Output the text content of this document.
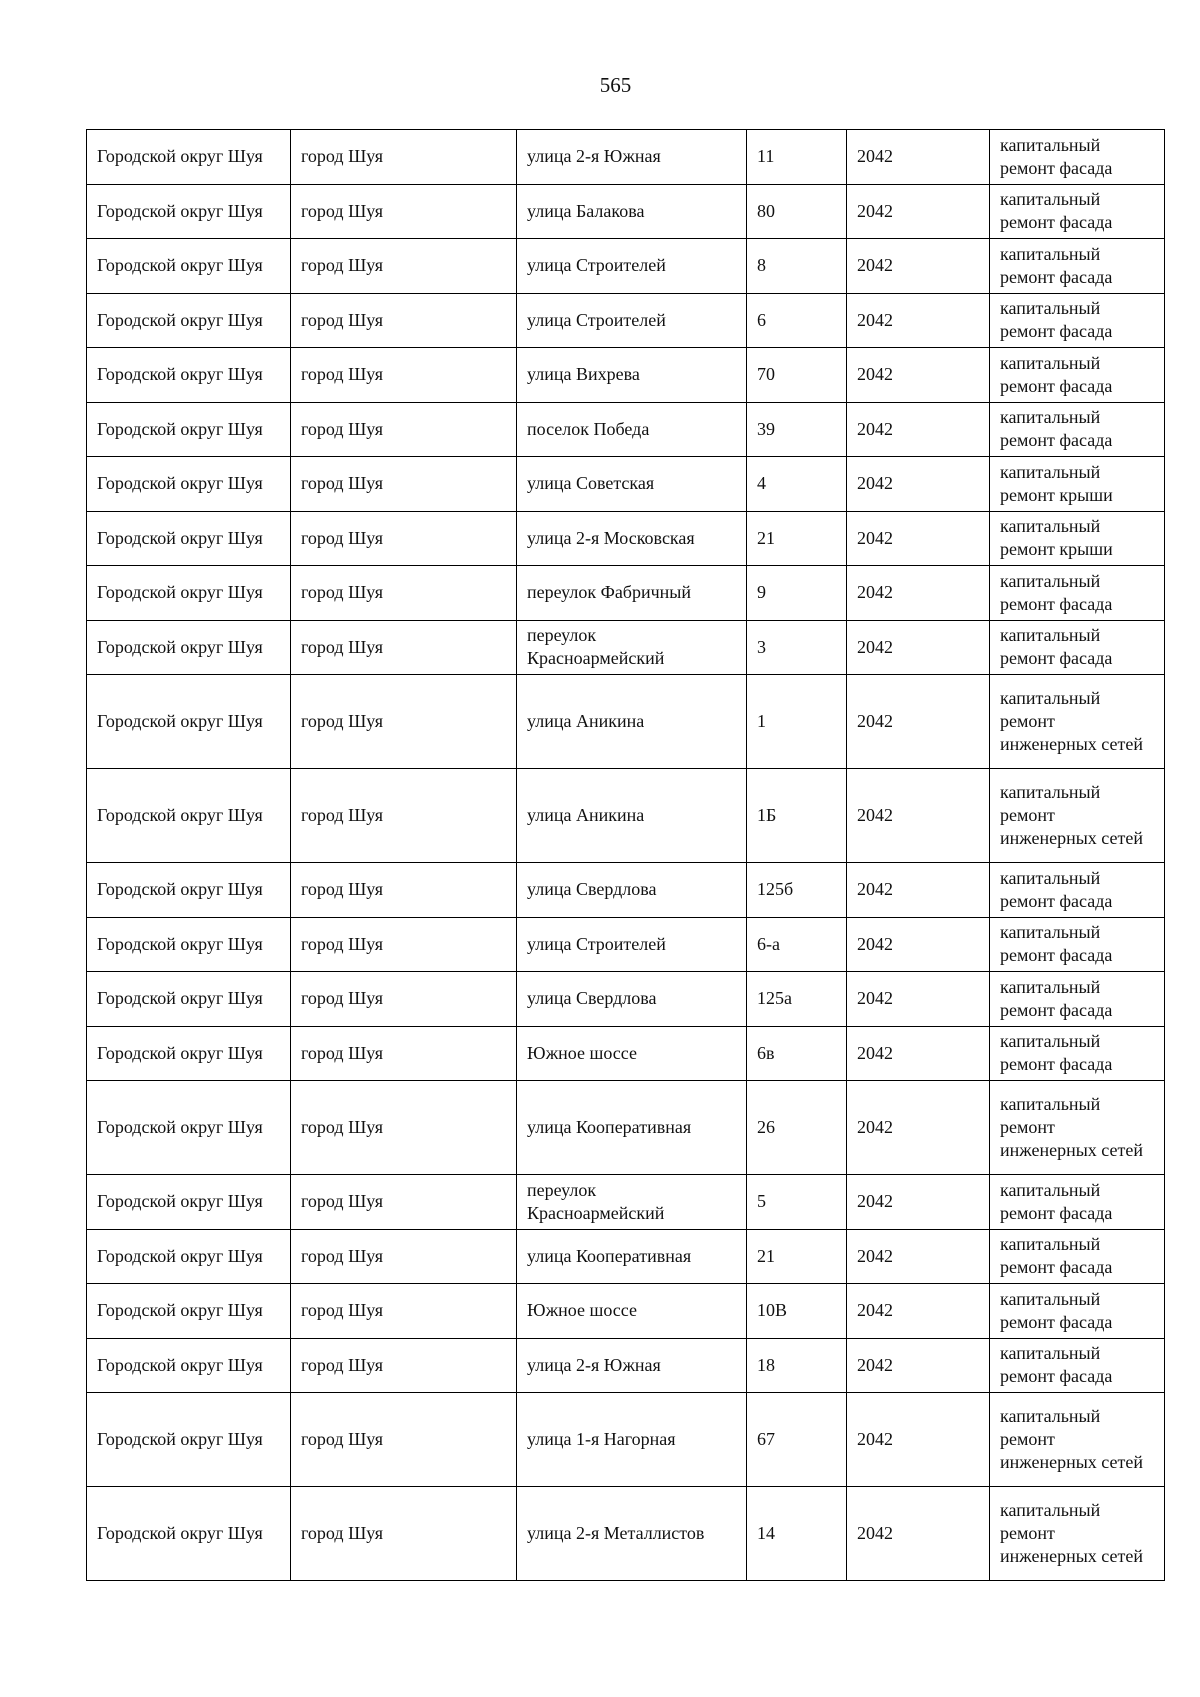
565
Городской округ Шуя	город Шуя	улица 2-я Южная	11	2042	капитальный ремонт фасада
Городской округ Шуя	город Шуя	улица Балакова	80	2042	капитальный ремонт фасада
Городской округ Шуя	город Шуя	улица Строителей	8	2042	капитальный ремонт фасада
Городской округ Шуя	город Шуя	улица Строителей	6	2042	капитальный ремонт фасада
Городской округ Шуя	город Шуя	улица Вихрева	70	2042	капитальный ремонт фасада
Городской округ Шуя	город Шуя	поселок Победа	39	2042	капитальный ремонт фасада
Городской округ Шуя	город Шуя	улица Советская	4	2042	капитальный ремонт крыши
Городской округ Шуя	город Шуя	улица 2-я Московская	21	2042	капитальный ремонт крыши
Городской округ Шуя	город Шуя	переулок Фабричный	9	2042	капитальный ремонт фасада
Городской округ Шуя	город Шуя	переулок Красноармейский	3	2042	капитальный ремонт фасада
Городской округ Шуя	город Шуя	улица Аникина	1	2042	капитальный ремонт инженерных сетей
Городской округ Шуя	город Шуя	улица Аникина	1Б	2042	капитальный ремонт инженерных сетей
Городской округ Шуя	город Шуя	улица Свердлова	125б	2042	капитальный ремонт фасада
Городской округ Шуя	город Шуя	улица Строителей	6-а	2042	капитальный ремонт фасада
Городской округ Шуя	город Шуя	улица Свердлова	125а	2042	капитальный ремонт фасада
Городской округ Шуя	город Шуя	Южное шоссе	6в	2042	капитальный ремонт фасада
Городской округ Шуя	город Шуя	улица Кооперативная	26	2042	капитальный ремонт инженерных сетей
Городской округ Шуя	город Шуя	переулок Красноармейский	5	2042	капитальный ремонт фасада
Городской округ Шуя	город Шуя	улица Кооперативная	21	2042	капитальный ремонт фасада
Городской округ Шуя	город Шуя	Южное шоссе	10В	2042	капитальный ремонт фасада
Городской округ Шуя	город Шуя	улица 2-я Южная	18	2042	капитальный ремонт фасада
Городской округ Шуя	город Шуя	улица 1-я Нагорная	67	2042	капитальный ремонт инженерных сетей
Городской округ Шуя	город Шуя	улица 2-я Металлистов	14	2042	капитальный ремонт инженерных сетей
